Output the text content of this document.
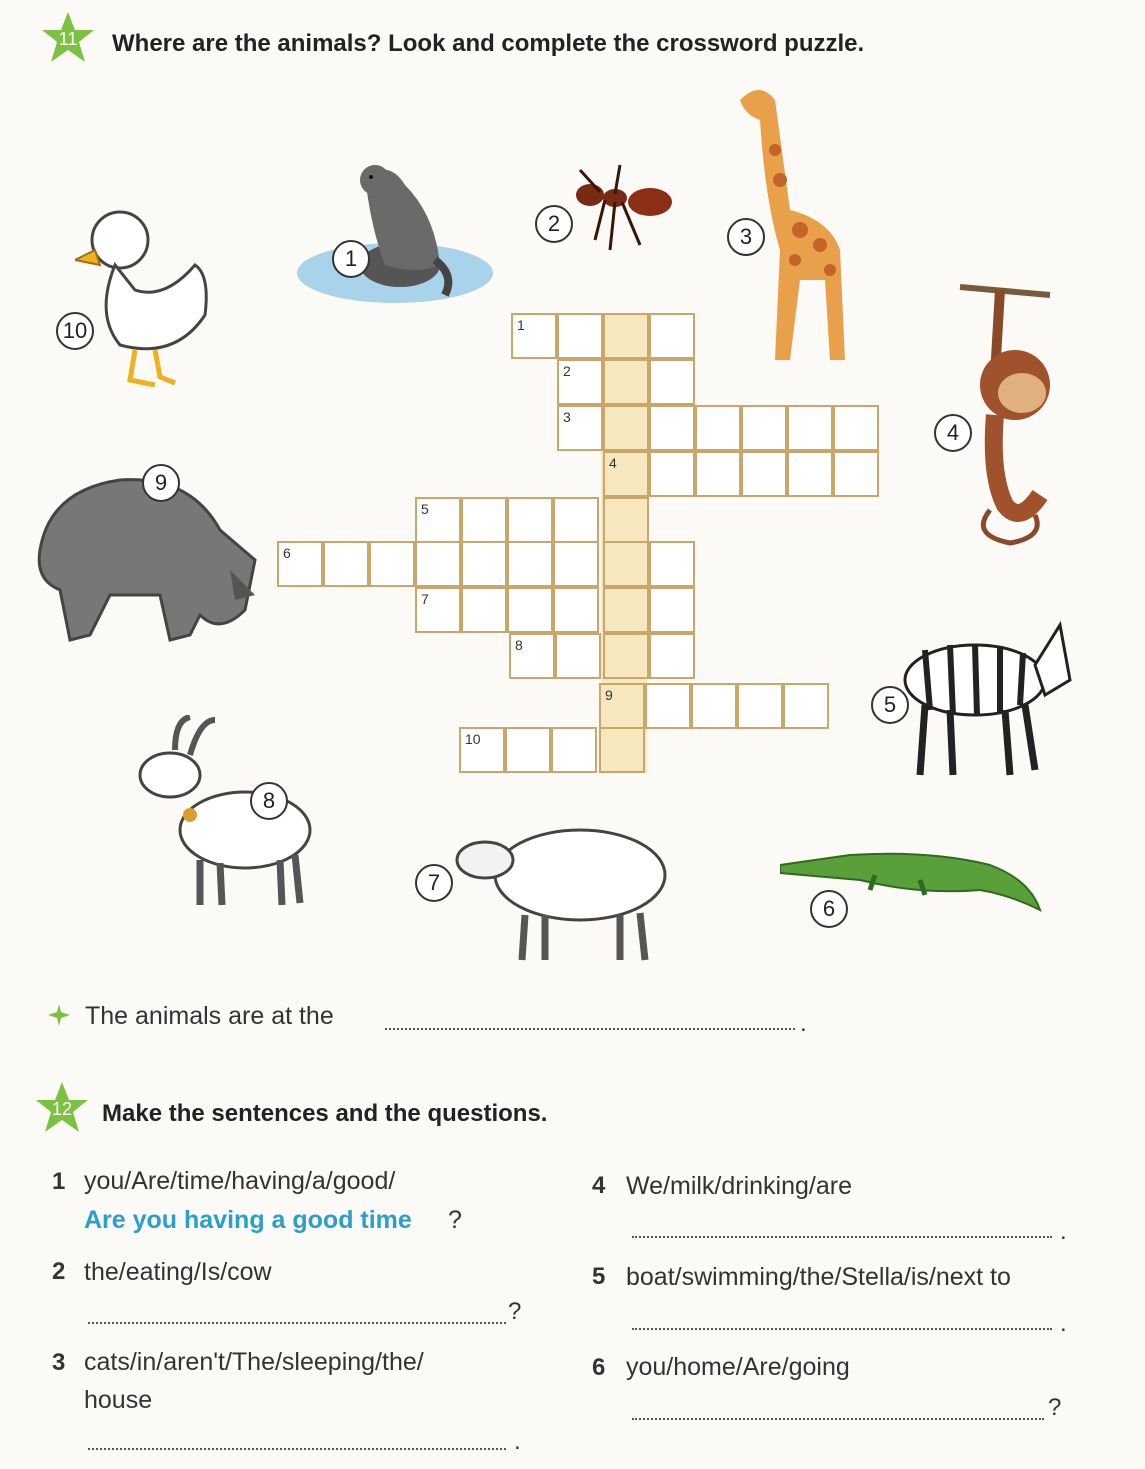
11	Where are the animals? Look and complete the crossword puzzle.
1
2
3
4
5
6
7
8
9
10	1
2
3
4
5
6
7
8
9
10
The animals are at the	.
12	Make the sentences and the questions.
1 you/Are/time/having/a/good/
Are you having a good time ?
2 the/eating/Is/cow
?
3 cats/in/aren't/The/sleeping/the/
house
.
4 We/milk/drinking/are
.
5 boat/swimming/the/Stella/is/next to
.
6 you/home/Are/going
?
